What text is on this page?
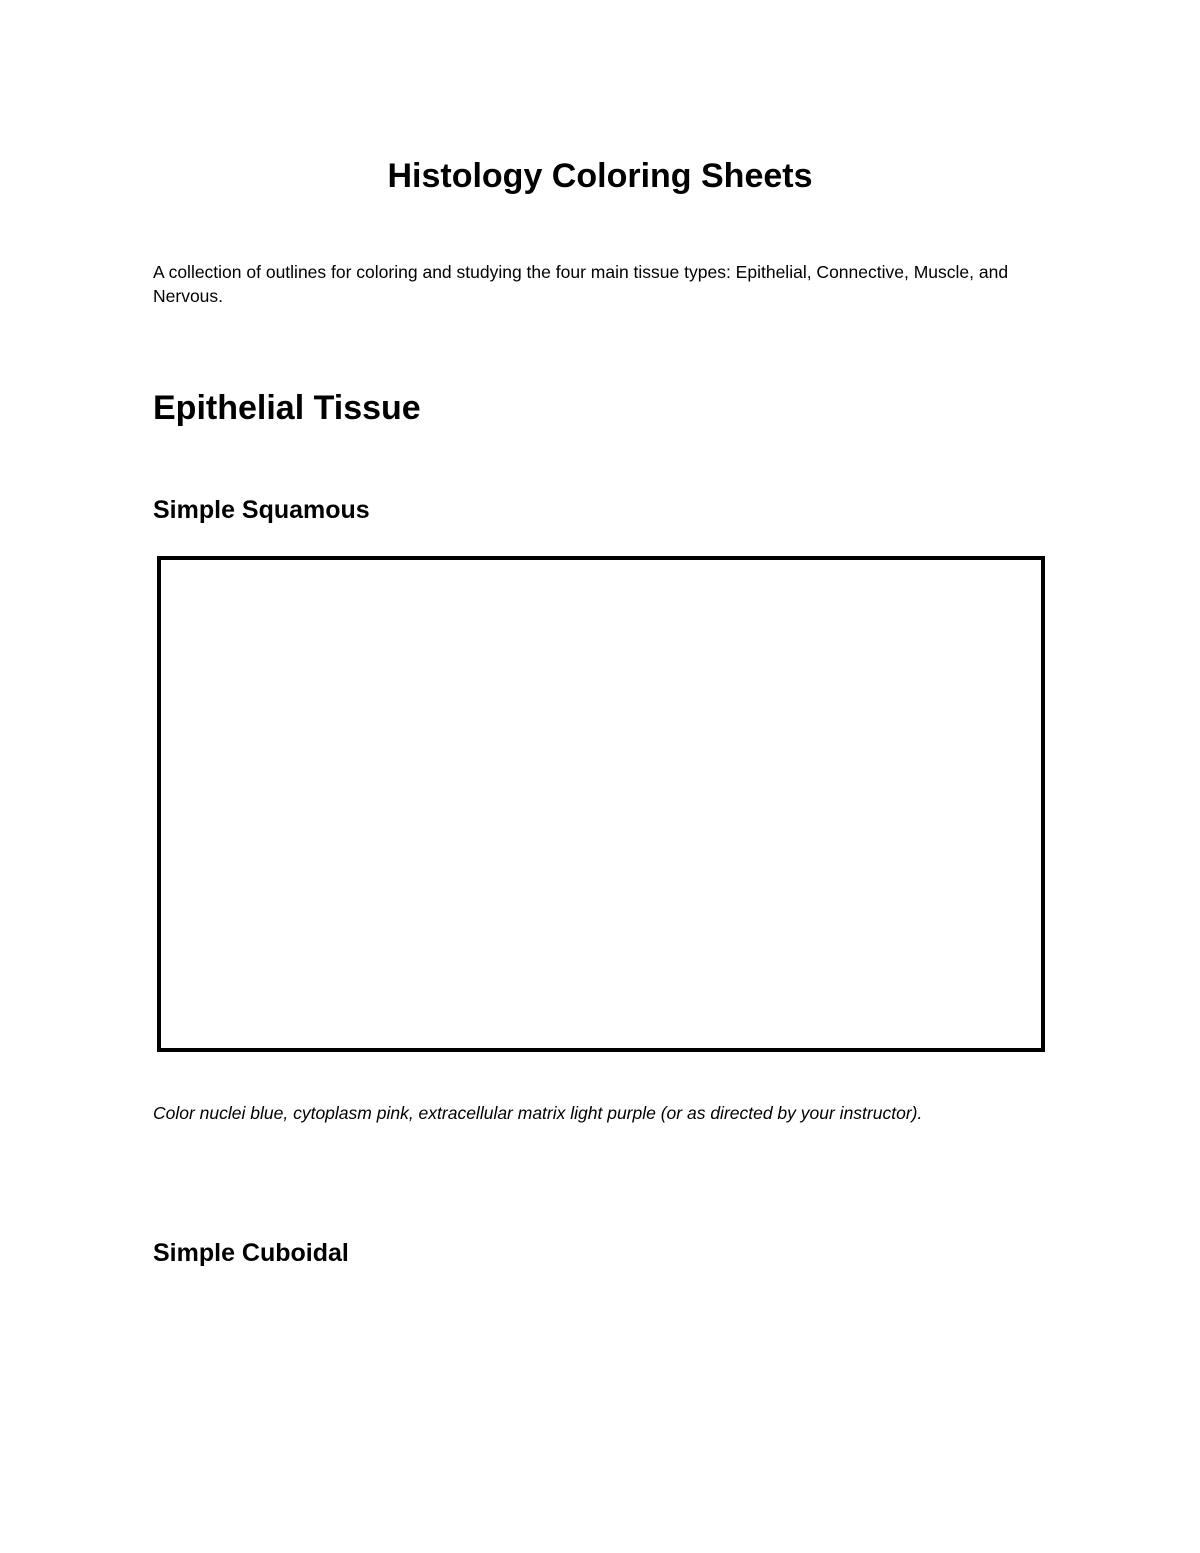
Histology Coloring Sheets

A collection of outlines for coloring and studying the four main tissue types: Epithelial, Connective, Muscle, and Nervous.

Epithelial Tissue
Simple Squamous

Color nuclei blue, cytoplasm pink, extracellular matrix light purple (or as directed by your instructor).

Simple Cuboidal
